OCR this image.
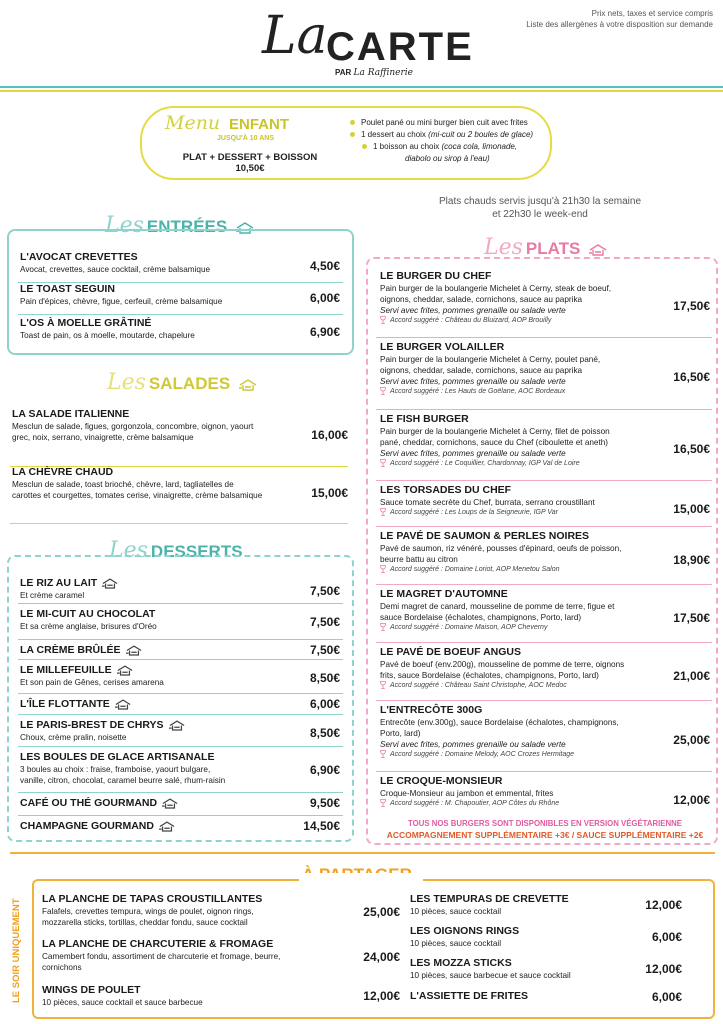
Prix nets, taxes et service compris
Liste des allergènes à votre disposition sur demande
La
CARTE
PAR La Raffinerie
Menu ENFANT
JUSQU'À 10 ANS
PLAT + DESSERT + BOISSON
10,50€
Poulet pané ou mini burger bien cuit avec frites
1 dessert au choix (mi-cuit ou 2 boules de glace)
1 boisson au choix (coca cola, limonade,
diabolo ou sirop à l'eau)
Plats chauds servis jusqu'à 21h30 la semaine
et 22h30 le week-end
Les ENTRÉES
Les SALADES
Les DESSERTS
Les PLATS
TOUS NOS BURGERS SONT DISPONIBLES EN VERSION VÉGÉTARIENNE
ACCOMPAGNEMENT SUPPLÉMENTAIRE +3€ / SAUCE SUPPLÉMENTAIRE +2€
LE SOIR UNIQUEMENT
L'AVOCAT CREVETTES
Avocat, crevettes, sauce cocktail, crème balsamique	4,50€
LE TOAST SEGUIN
Pain d'épices, chèvre, figue, cerfeuil, crème balsamique	6,00€
L'OS À MOELLE GRÂTINÉ
Toast de pain, os à moelle, moutarde, chapelure	6,90€
LA SALADE ITALIENNE
Mesclun de salade, figues, gorgonzola, concombre, oignon, yaourt
grec, noix, serrano, vinaigrette, crème balsamique	16,00€
LA CHÈVRE CHAUD
Mesclun de salade, toast brioché, chèvre, lard, tagliatelles de
carottes et courgettes, tomates cerise, vinaigrette, crème balsamique	15,00€
LE RIZ AU LAIT
Et crème caramel	7,50€
LE MI-CUIT AU CHOCOLAT
Et sa crème anglaise, brisures d'Oréo	7,50€
LA CRÈME BRÛLÉE	7,50€
LE MILLEFEUILLE
Et son pain de Gênes, cerises amarena	8,50€
L'ÎLE FLOTTANTE	6,00€
LE PARIS-BREST DE CHRYS
Choux, crème pralin, noisette	8,50€
LES BOULES DE GLACE ARTISANALE
3 boules au choix : fraise, framboise, yaourt bulgare,
vanille, citron, chocolat, caramel beurre salé, rhum-raisin
6,90€
CAFÉ OU THÉ GOURMAND	9,50€
CHAMPAGNE GOURMAND	14,50€
LE BURGER DU CHEF
Pain burger de la boulangerie Michelet à Cerny, steak de boeuf,
oignons, cheddar, salade, cornichons, sauce au paprika
Servi avec frites, pommes grenaille ou salade verte
Accord suggéré : Château du Bluizard, AOP Brouilly
17,50€
LE BURGER VOLAILLER
Pain burger de la boulangerie Michelet à Cerny, poulet pané,
oignons, cheddar, salade, cornichons, sauce au paprika
Servi avec frites, pommes grenaille ou salade verte
Accord suggéré : Les Hauts de Goëlane, AOC Bordeaux
16,50€
LE FISH BURGER
Pain burger de la boulangerie Michelet à Cerny, filet de poisson
pané, cheddar, cornichons, sauce du Chef (ciboulette et aneth)
Servi avec frites, pommes grenaille ou salade verte
Accord suggéré : Le Coquillier, Chardonnay, IGP Val de Loire
16,50€
LES TORSADES DU CHEF
Sauce tomate secrète du Chef, burrata, serrano croustillant
Accord suggéré : Les Loups de la Seigneurie, IGP Var	15,00€
LE PAVÉ DE SAUMON & PERLES NOIRES
Pavé de saumon, riz vénéré, pousses d'épinard, oeufs de poisson,
beurre battu au citron
Accord suggéré : Domaine Loriot, AOP Menetou Salon
18,90€
LE MAGRET D'AUTOMNE
Demi magret de canard, mousseline de pomme de terre, figue et
sauce Bordelaise (échalotes, champignons, Porto, lard)
Accord suggéré : Domaine Maison, AOP Cheverny
17,50€
LE PAVÉ DE BOEUF ANGUS
Pavé de boeuf (env.200g), mousseline de pomme de terre, oignons
frits, sauce Bordelaise (échalotes, champignons, Porto, lard)
Accord suggéré : Château Saint Christophe, AOC Medoc
21,00€
L'ENTRECÔTE 300G
Entrecôte (env.300g), sauce Bordelaise (échalotes, champignons,
Porto, lard)
Servi avec frites, pommes grenaille ou salade verte
Accord suggéré : Domaine Melody, AOC Crozes Hermitage
25,00€
LE CROQUE-MONSIEUR
Croque-Monsieur au jambon et emmental, frites
Accord suggéré : M. Chapoutier, AOP Côtes du Rhône	12,00€
LA PLANCHE DE TAPAS CROUSTILLANTES
Falafels, crevettes tempura, wings de poulet, oignon rings,
mozzarella sticks, tortillas, cheddar fondu, sauce cocktail
25,00€
LA PLANCHE DE CHARCUTERIE & FROMAGE
Camembert fondu, assortiment de charcuterie et fromage, beurre,
cornichons
24,00€
WINGS DE POULET
10 pièces, sauce cocktail et sauce barbecue	12,00€
LES TEMPURAS DE CREVETTE
10 pièces, sauce cocktail	12,00€
LES OIGNONS RINGS
10 pièces, sauce cocktail	6,00€
LES MOZZA STICKS
10 pièces, sauce barbecue et sauce cocktail	12,00€
L'ASSIETTE DE FRITES	6,00€
